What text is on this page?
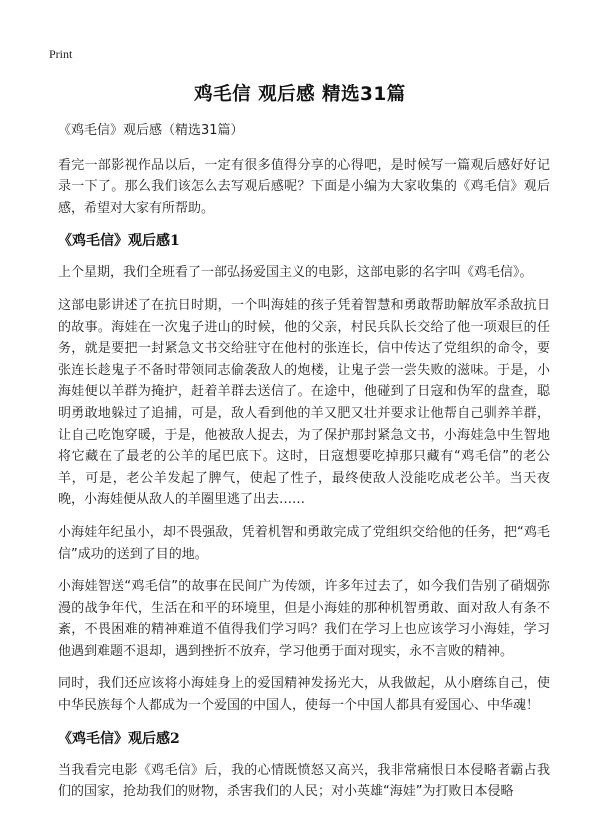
Print
鸡毛信 观后感 精选31篇

《鸡毛信》观后感（精选31篇）

看完一部影视作品以后，一定有很多值得分享的心得吧，是时候写一篇观后感好好记录一下了。那么我们该怎么去写观后感呢？下面是小编为大家收集的《鸡毛信》观后感，希望对大家有所帮助。

《鸡毛信》观后感1

上个星期，我们全班看了一部弘扬爱国主义的电影，这部电影的名字叫《鸡毛信》。

这部电影讲述了在抗日时期，一个叫海娃的孩子凭着智慧和勇敢帮助解放军杀敌抗日的故事。海娃在一次鬼子进山的时候，他的父亲，村民兵队长交给了他一项艰巨的任务，就是要把一封紧急文书交给驻守在他村的张连长，信中传达了党组织的命令，要张连长趁鬼子不备时带领同志偷袭敌人的炮楼，让鬼子尝一尝失败的滋味。于是，小海娃便以羊群为掩护，赶着羊群去送信了。在途中，他碰到了日寇和伪军的盘查，聪明勇敢地躲过了追捕，可是，敌人看到他的羊又肥又壮并要求让他帮自己驯养羊群，让自己吃饱穿暖，于是，他被敌人捉去，为了保护那封紧急文书，小海娃急中生智地将它藏在了最老的公羊的尾巴底下。这时，日寇想要吃掉那只藏有“鸡毛信”的老公羊，可是，老公羊发起了脾气，使起了性子，最终使敌人没能吃成老公羊。当天夜晚，小海娃便从敌人的羊圈里逃了出去……

小海娃年纪虽小，却不畏强敌，凭着机智和勇敢完成了党组织交给他的任务，把“鸡毛信”成功的送到了目的地。

小海娃智送“鸡毛信”的故事在民间广为传颂，许多年过去了，如今我们告别了硝烟弥漫的战争年代，生活在和平的环境里，但是小海娃的那种机智勇敢、面对敌人有条不紊，不畏困难的精神难道不值得我们学习吗？我们在学习上也应该学习小海娃，学习他遇到难题不退却，遇到挫折不放弃，学习他勇于面对现实，永不言败的精神。

同时，我们还应该将小海娃身上的爱国精神发扬光大，从我做起，从小磨练自己，使中华民族每个人都成为一个爱国的中国人，使每一个中国人都具有爱国心、中华魂！

《鸡毛信》观后感2

当我看完电影《鸡毛信》后，我的心情既愤怒又高兴，我非常痛恨日本侵略者霸占我们的国家，抢劫我们的财物，杀害我们的人民；对小英雄“海娃”为打败日本侵略
